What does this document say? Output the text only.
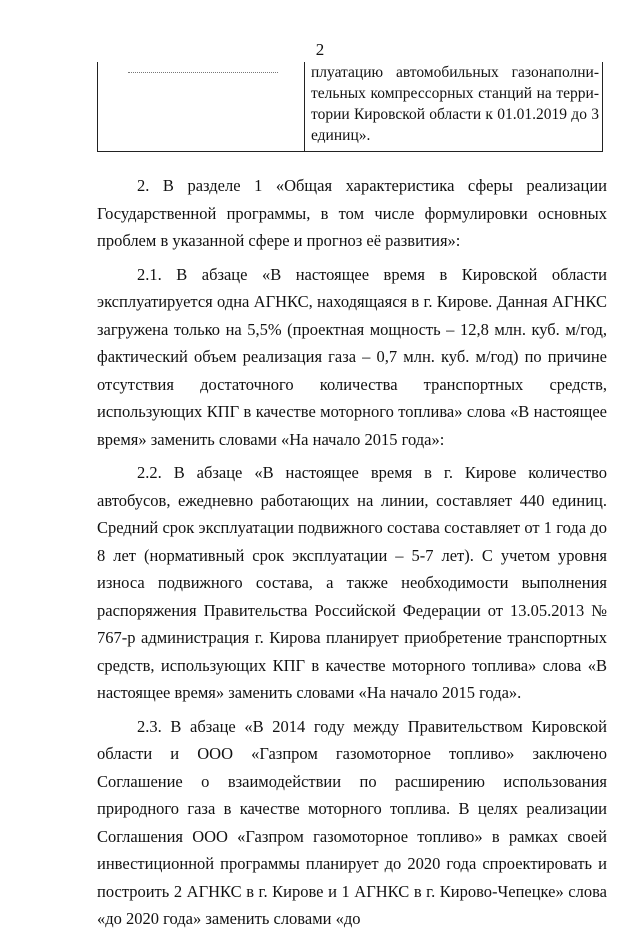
2
плуатацию автомобильных газонаполни-
тельных компрессорных станций на терри-
тории Кировской области к 01.01.2019 до 3
единиц».

2. В разделе 1 «Общая характеристика сферы реализации Государственной программы, в том числе формулировки основных проблем в указанной сфере и прогноз её развития»:

2.1. В абзаце «В настоящее время в Кировской области эксплуатируется одна АГНКС, находящаяся в г. Кирове. Данная АГНКС загружена только на 5,5% (проектная мощность – 12,8 млн. куб. м/год, фактический объем реализация газа – 0,7 млн. куб. м/год) по причине отсутствия достаточного количества транспортных средств, использующих КПГ в качестве моторного топлива» слова «В настоящее время» заменить словами «На начало 2015 года»:

2.2. В абзаце «В настоящее время в г. Кирове количество автобусов, ежедневно работающих на линии, составляет 440 единиц. Средний срок эксплуатации подвижного состава составляет от 1 года до 8 лет (нормативный срок эксплуатации – 5-7 лет). С учетом уровня износа подвижного состава, а также необходимости выполнения распоряжения Правительства Российской Федерации от 13.05.2013 № 767-р администрация г. Кирова планирует приобретение транспортных средств, использующих КПГ в качестве моторного топлива» слова «В настоящее время» заменить словами «На начало 2015 года».

2.3. В абзаце «В 2014 году между Правительством Кировской области и ООО «Газпром газомоторное топливо» заключено Соглашение о взаимодействии по расширению использования природного газа в качестве моторного топлива. В целях реализации Соглашения ООО «Газпром газомоторное топливо» в рамках своей инвестиционной программы планирует до 2020 года спроектировать и построить 2 АГНКС в г. Кирове и 1 АГНКС в г. Кирово-Чепецке» слова «до 2020 года» заменить словами «до
